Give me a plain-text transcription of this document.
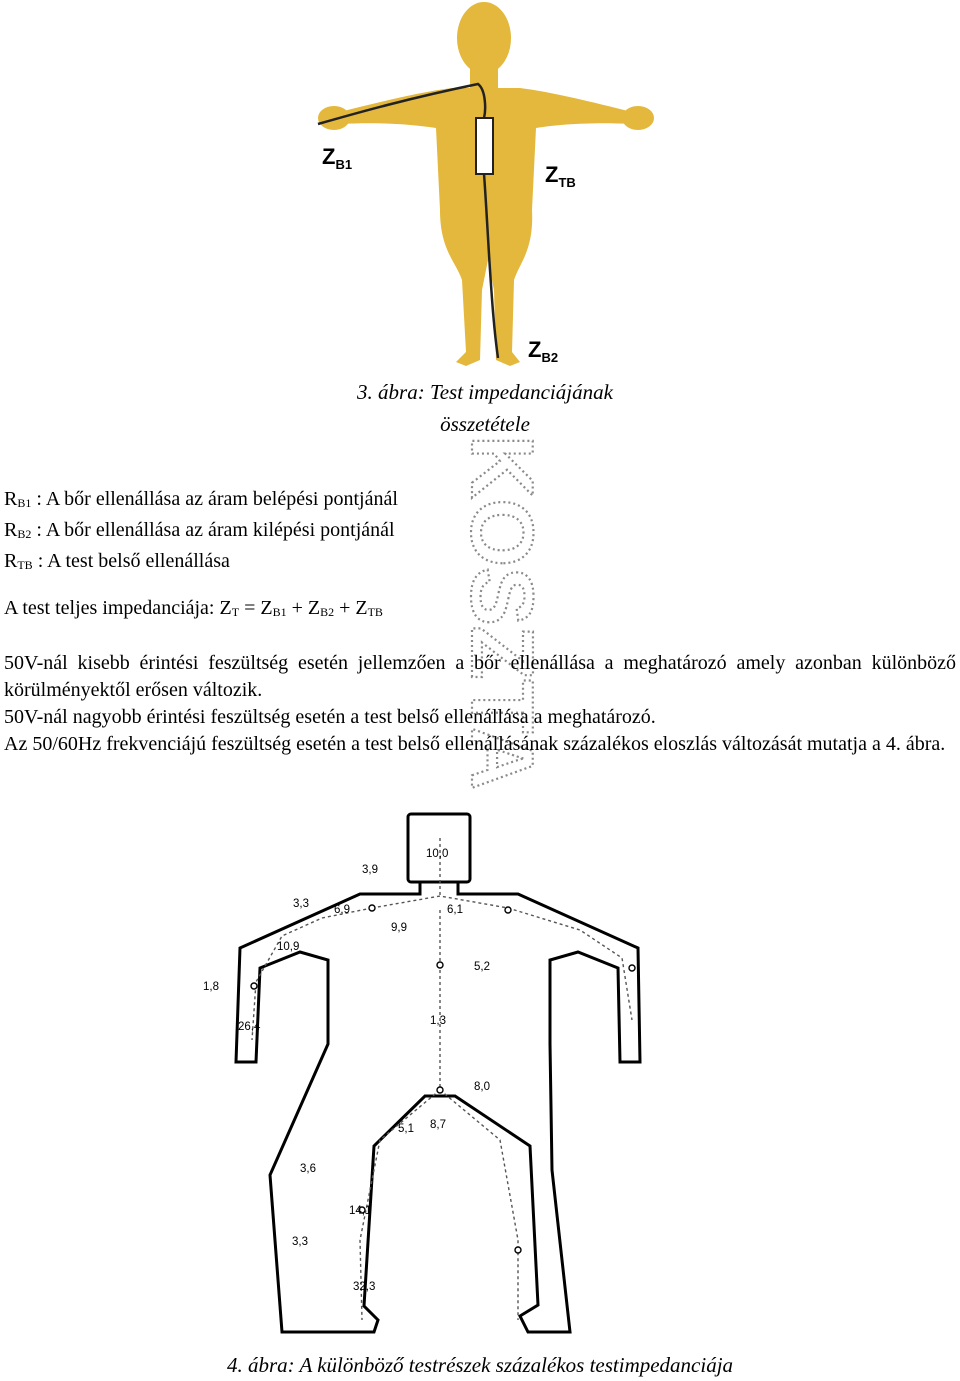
$Z_{B1}$	$Z_{TB}$
$Z_{B2}$
3. ábra: Test impedanciájának
összetétele
KOSZTA
$R_{B1}$ : A bőr ellenállása az áram belépési pontjánál
$R_{B2}$ : A bőr ellenállása az áram kilépési pontjánál
$R_{TB}$ : A test belső ellenállása
A test teljes impedanciája: $Z_T = Z_{B1} + Z_{B2} + Z_{TB}$

50V-nál kisebb érintési feszültség esetén jellemzően a bőr ellenállása a meghatározó amely azonban különböző körülményektől erősen változik.

50V-nál nagyobb érintési feszültség esetén a test belső ellenállása a meghatározó.

Az 50/60Hz frekvenciájú feszültség esetén a test belső ellenállásának százalékos eloszlás változását mutatja a 4. ábra.

10,0
3,9
3,3 6,9	6,1
9,9
10,9
5,2
1,8
26,4	1,3
8,0
5,1 8,7
3,6
14,1
3,3
32,3
4. ábra: A különböző testrészek százalékos testimpedanciája
